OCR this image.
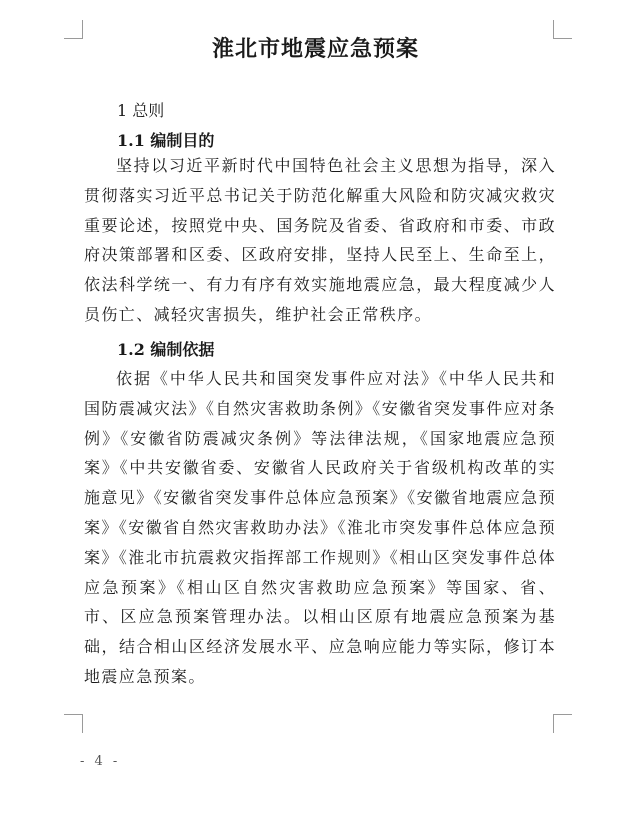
淮北市地震应急预案
1 总则
1.1 编制目的

坚持以习近平新时代中国特色社会主义思想为指导，深入贯彻落实习近平总书记关于防范化解重大风险和防灾减灾救灾重要论述，按照党中央、国务院及省委、省政府和市委、市政府决策部署和区委、区政府安排，坚持人民至上、生命至上，依法科学统一、有力有序有效实施地震应急，最大程度减少人员伤亡、减轻灾害损失，维护社会正常秩序。

1.2 编制依据

依据《中华人民共和国突发事件应对法》《中华人民共和国防震减灾法》《自然灾害救助条例》《安徽省突发事件应对条例》《安徽省防震减灾条例》等法律法规，《国家地震应急预案》《中共安徽省委、安徽省人民政府关于省级机构改革的实施意见》《安徽省突发事件总体应急预案》《安徽省地震应急预案》《安徽省自然灾害救助办法》《淮北市突发事件总体应急预案》《淮北市抗震救灾指挥部工作规则》《相山区突发事件总体应急预案》《相山区自然灾害救助应急预案》等国家、省、市、区应急预案管理办法。以相山区原有地震应急预案为基础，结合相山区经济发展水平、应急响应能力等实际，修订本地震应急预案。

- 4 -
